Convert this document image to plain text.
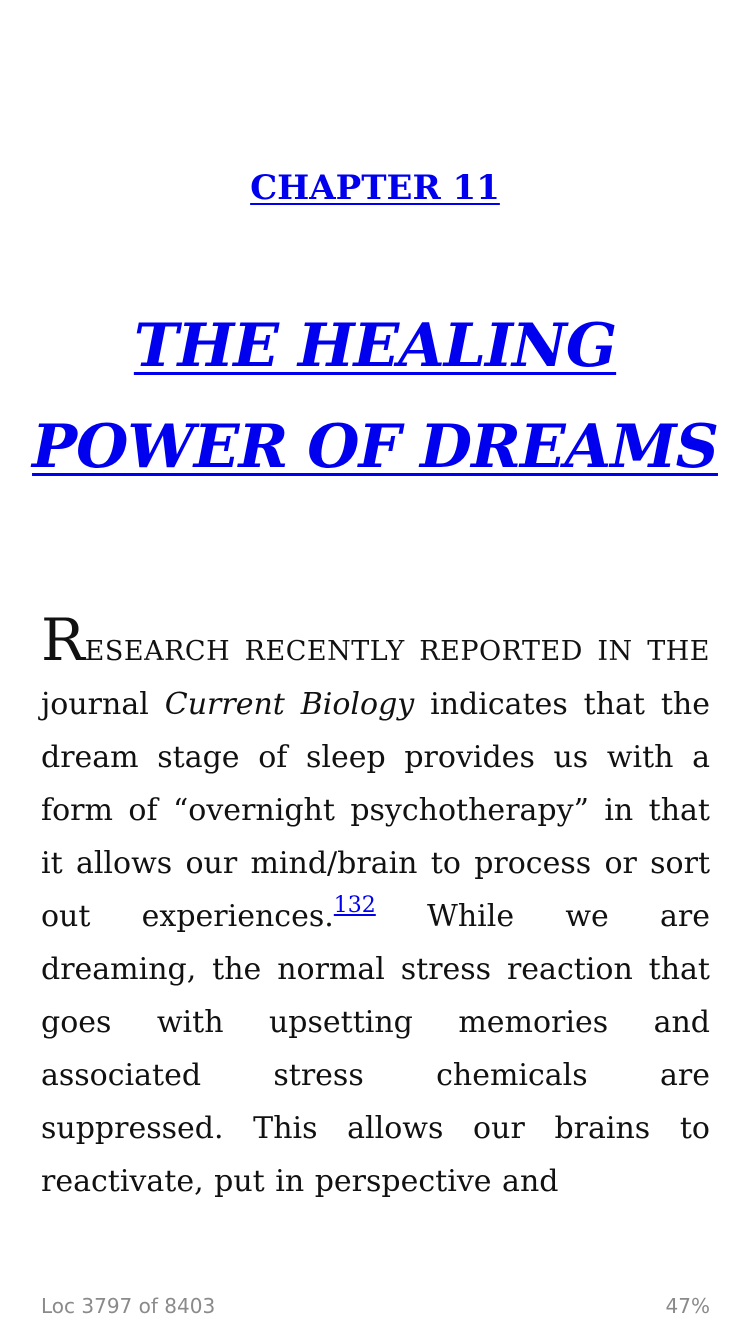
CHAPTER 11
THE HEALING
POWER OF DREAMS
RESEARCH RECENTLY REPORTED IN THE journal Current Biology indicates that the dream stage of sleep provides us with a form of “overnight psychotherapy” in that it allows our mind/brain to process or sort out experiences.$^{132}$ While we are dreaming, the normal stress reaction that goes with upsetting memories and associated stress chemicals are suppressed. This allows our brains to reactivate, put in perspective and
Loc 3797 of 8403	47%
